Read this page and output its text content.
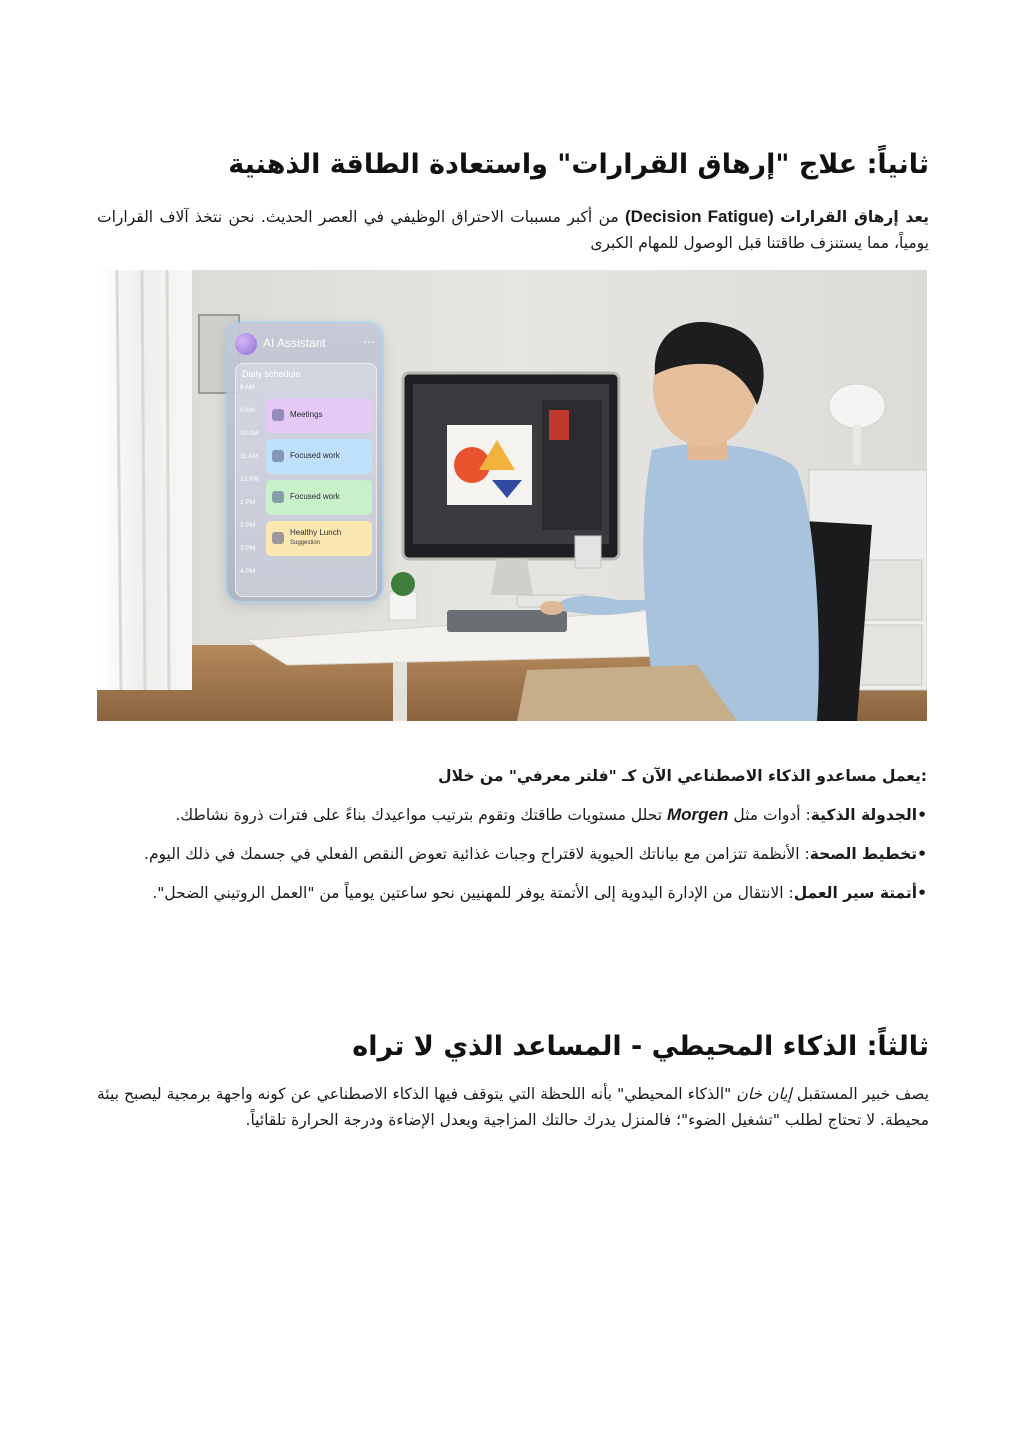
ثانياً: علاج "إرهاق القرارات" واستعادة الطاقة الذهنية

يعد إرهاق القرارات (Decision Fatigue) من أكبر مسببات الاحتراق الوظيفي في العصر الحديث. نحن نتخذ آلاف القرارات يومياً، مما يستنزف طاقتنا قبل الوصول للمهام الكبرى

AI Assistant	⋯
Daily schedule
8 AM
9 AM
10 AM
11 AM
12 PM
1 PM
2 PM
3 PM
4 PM
Meetings
Focused work
Focused work
Healthy Lunch
Suggestion

:يعمل مساعدو الذكاء الاصطناعي الآن كـ "فلتر معرفي" من خلال

•الجدولة الذكية: أدوات مثل Morgen تحلل مستويات طاقتك وتقوم بترتيب مواعيدك بناءً على فترات ذروة نشاطك.
•تخطيط الصحة: الأنظمة تتزامن مع بياناتك الحيوية لاقتراح وجبات غذائية تعوض النقص الفعلي في جسمك في ذلك اليوم.
•أتمتة سير العمل: الانتقال من الإدارة اليدوية إلى الأتمتة يوفر للمهنيين نحو ساعتين يومياً من "العمل الروتيني الضحل".
ثالثاً: الذكاء المحيطي - المساعد الذي لا تراه

يصف خبير المستقبل إيان خان "الذكاء المحيطي" بأنه اللحظة التي يتوقف فيها الذكاء الاصطناعي عن كونه واجهة برمجية ليصبح بيئة محيطة. لا تحتاج لطلب "تشغيل الضوء"؛ فالمنزل يدرك حالتك المزاجية ويعدل الإضاءة ودرجة الحرارة تلقائياً.
